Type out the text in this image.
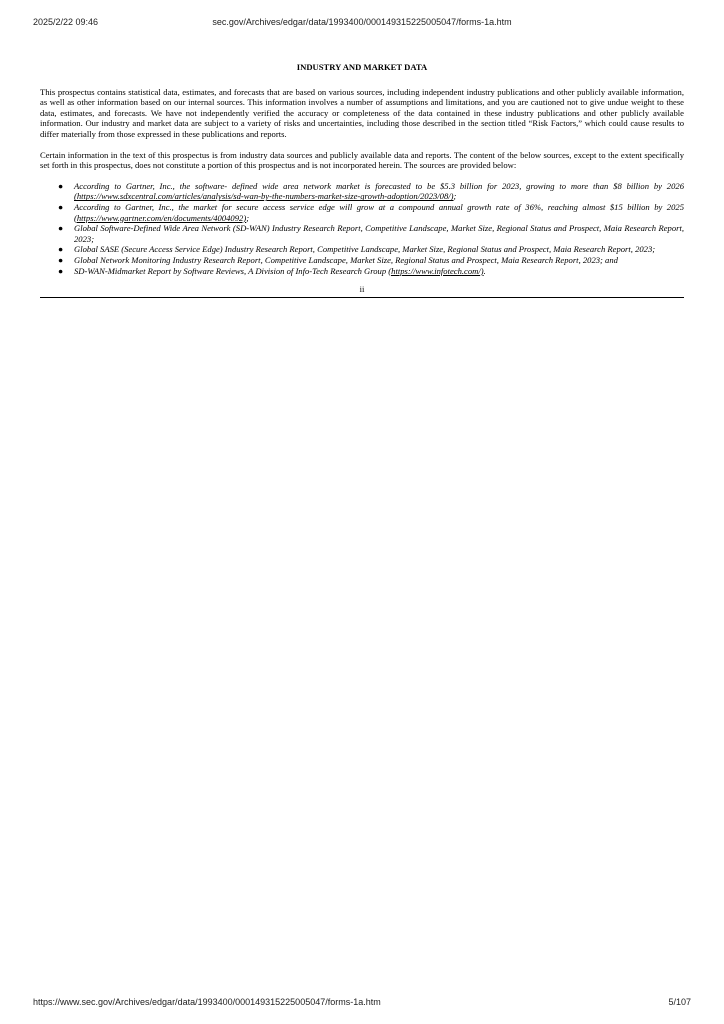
2025/2/22 09:46	sec.gov/Archives/edgar/data/1993400/000149315225005047/forms-1a.htm
INDUSTRY AND MARKET DATA

This prospectus contains statistical data, estimates, and forecasts that are based on various sources, including independent industry publications and other publicly available information, as well as other information based on our internal sources. This information involves a number of assumptions and limitations, and you are cautioned not to give undue weight to these data, estimates, and forecasts. We have not independently verified the accuracy or completeness of the data contained in these industry publications and other publicly available information. Our industry and market data are subject to a variety of risks and uncertainties, including those described in the section titled “Risk Factors,” which could cause results to differ materially from those expressed in these publications and reports.

Certain information in the text of this prospectus is from industry data sources and publicly available data and reports. The content of the below sources, except to the extent specifically set forth in this prospectus, does not constitute a portion of this prospectus and is not incorporated herein. The sources are provided below:

● According to Gartner, Inc., the software- defined wide area network market is forecasted to be $5.3 billion for 2023, growing to more than $8 billion by 2026 (https://www.sdxcentral.com/articles/analysis/sd-wan-by-the-numbers-market-size-growth-adoption/2023/08/);
● According to Gartner, Inc., the market for secure access service edge will grow at a compound annual growth rate of 36%, reaching almost $15 billion by 2025 (https://www.gartner.com/en/documents/4004092);
● Global Software-Defined Wide Area Network (SD-WAN) Industry Research Report, Competitive Landscape, Market Size, Regional Status and Prospect, Maia Research Report, 2023;
● Global SASE (Secure Access Service Edge) Industry Research Report, Competitive Landscape, Market Size, Regional Status and Prospect, Maia Research Report, 2023;
● Global Network Monitoring Industry Research Report, Competitive Landscape, Market Size, Regional Status and Prospect, Maia Research Report, 2023; and
● SD-WAN-Midmarket Report by Software Reviews, A Division of Info-Tech Research Group (https://www.infotech.com/).
ii
https://www.sec.gov/Archives/edgar/data/1993400/000149315225005047/forms-1a.htm	5/107
